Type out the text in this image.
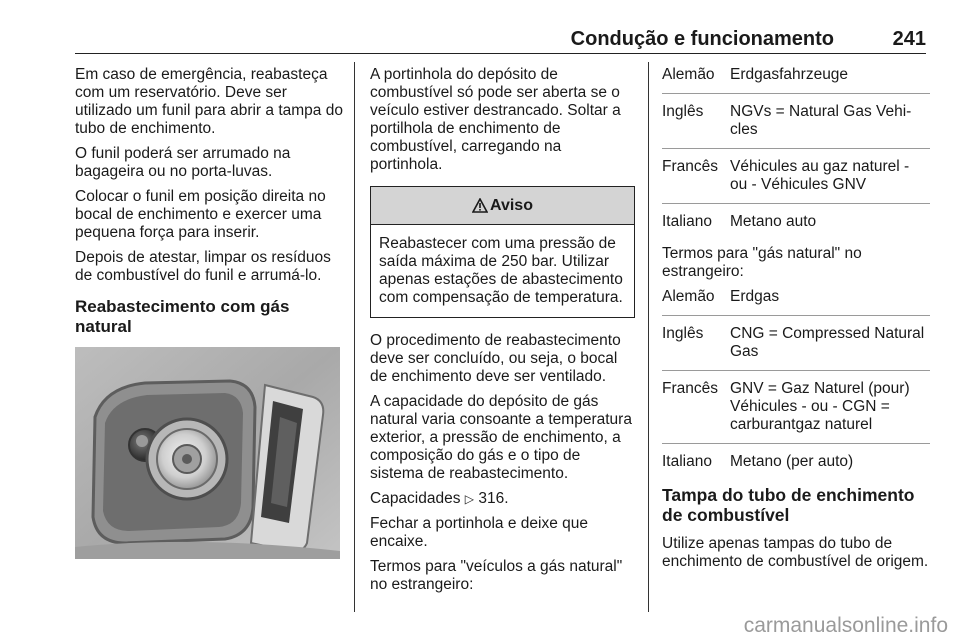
Condução e funcionamento	241

Em caso de emergência, reabasteça com um reservatório. Deve ser utilizado um funil para abrir a tampa do tubo de enchimento.

O funil poderá ser arrumado na bagageira ou no porta-luvas.

Colocar o funil em posição direita no bocal de enchimento e exercer uma pequena força para inserir.

Depois de atestar, limpar os resíduos de combustível do funil e arrumá-lo.

Reabastecimento com gás natural

A portinhola do depósito de combustível só pode ser aberta se o veículo estiver destrancado. Soltar a portilhola de enchimento de combustível, carregando na portinhola.

Aviso
Reabastecer com uma pressão de saída máxima de 250 bar. Utilizar apenas estações de abastecimento com compensação de temperatura.

O procedimento de reabastecimento deve ser concluído, ou seja, o bocal de enchimento deve ser ventilado.

A capacidade do depósito de gás natural varia consoante a temperatura exterior, a pressão de enchimento, a composição do gás e o tipo de sistema de reabastecimento.

Capacidades ▷ 316.

Fechar a portinhola e deixe que encaixe.

Termos para "veículos a gás natural" no estrangeiro:

Alemão Erdgasfahrzeuge
Inglês	NGVs = Natural Gas Vehi-cles
Francês Véhicules au gaz naturel - ou - Véhicules GNV
Italiano	Metano auto

Termos para "gás natural" no estrangeiro:

Alemão Erdgas
Inglês	CNG = Compressed Natural Gas
Francês GNV = Gaz Naturel (pour) Véhicules - ou - CGN = carburantgaz naturel
Italiano	Metano (per auto)
Tampa do tubo de enchimento de combustível

Utilize apenas tampas do tubo de enchimento de combustível de origem.

carmanualsonline.info
